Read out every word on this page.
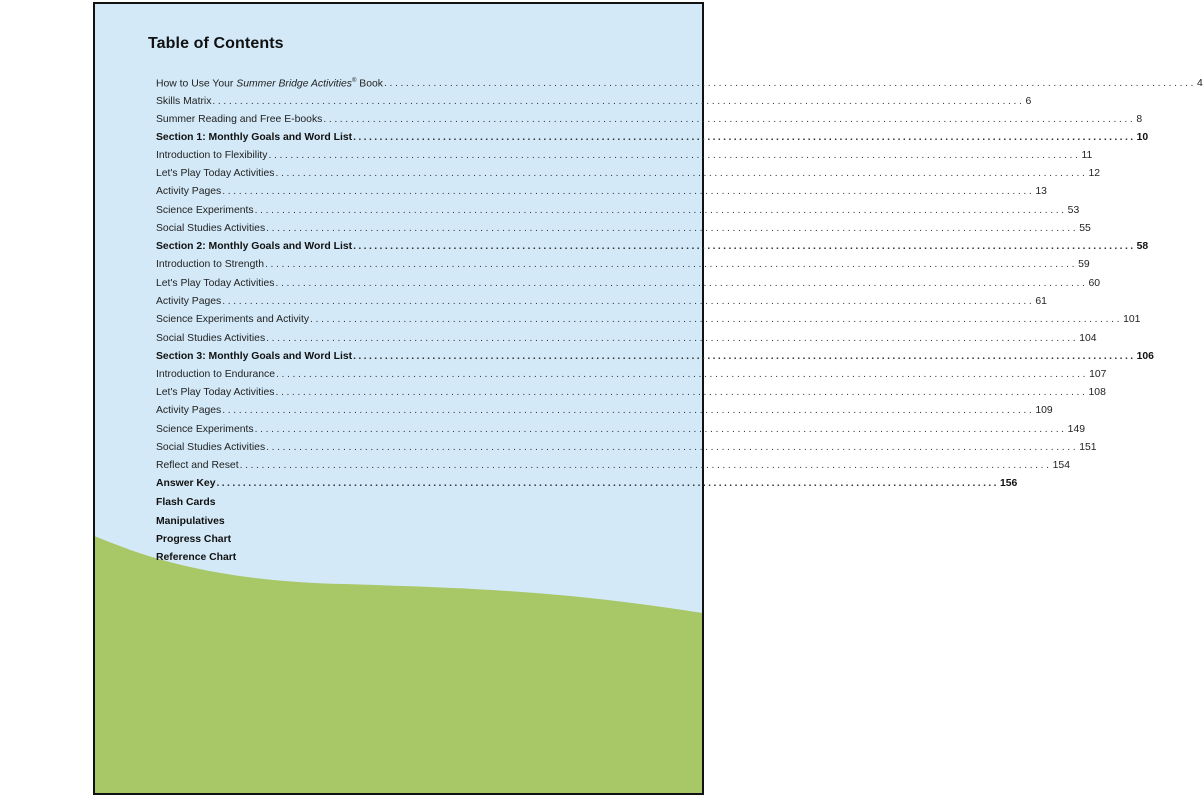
Table of Contents
How to Use Your Summer Bridge Activities® Book .................................................................................................................................................... 4
Skills Matrix .................................................................................................................................................... 6
Summer Reading and Free E-books .................................................................................................................................................... 8
Section 1: Monthly Goals and Word List .................................................................................................................................................... 10
Introduction to Flexibility .................................................................................................................................................... 11
Let's Play Today Activities .................................................................................................................................................... 12
Activity Pages .................................................................................................................................................... 13
Science Experiments .................................................................................................................................................... 53
Social Studies Activities .................................................................................................................................................... 55
Section 2: Monthly Goals and Word List .................................................................................................................................................... 58
Introduction to Strength .................................................................................................................................................... 59
Let's Play Today Activities .................................................................................................................................................... 60
Activity Pages .................................................................................................................................................... 61
Science Experiments and Activity .................................................................................................................................................... 101
Social Studies Activities .................................................................................................................................................... 104
Section 3: Monthly Goals and Word List .................................................................................................................................................... 106
Introduction to Endurance .................................................................................................................................................... 107
Let's Play Today Activities .................................................................................................................................................... 108
Activity Pages .................................................................................................................................................... 109
Science Experiments .................................................................................................................................................... 149
Social Studies Activities .................................................................................................................................................... 151
Reflect and Reset .................................................................................................................................................... 154
Answer Key .................................................................................................................................................... 156
Flash Cards
Manipulatives
Progress Chart
Reference Chart
